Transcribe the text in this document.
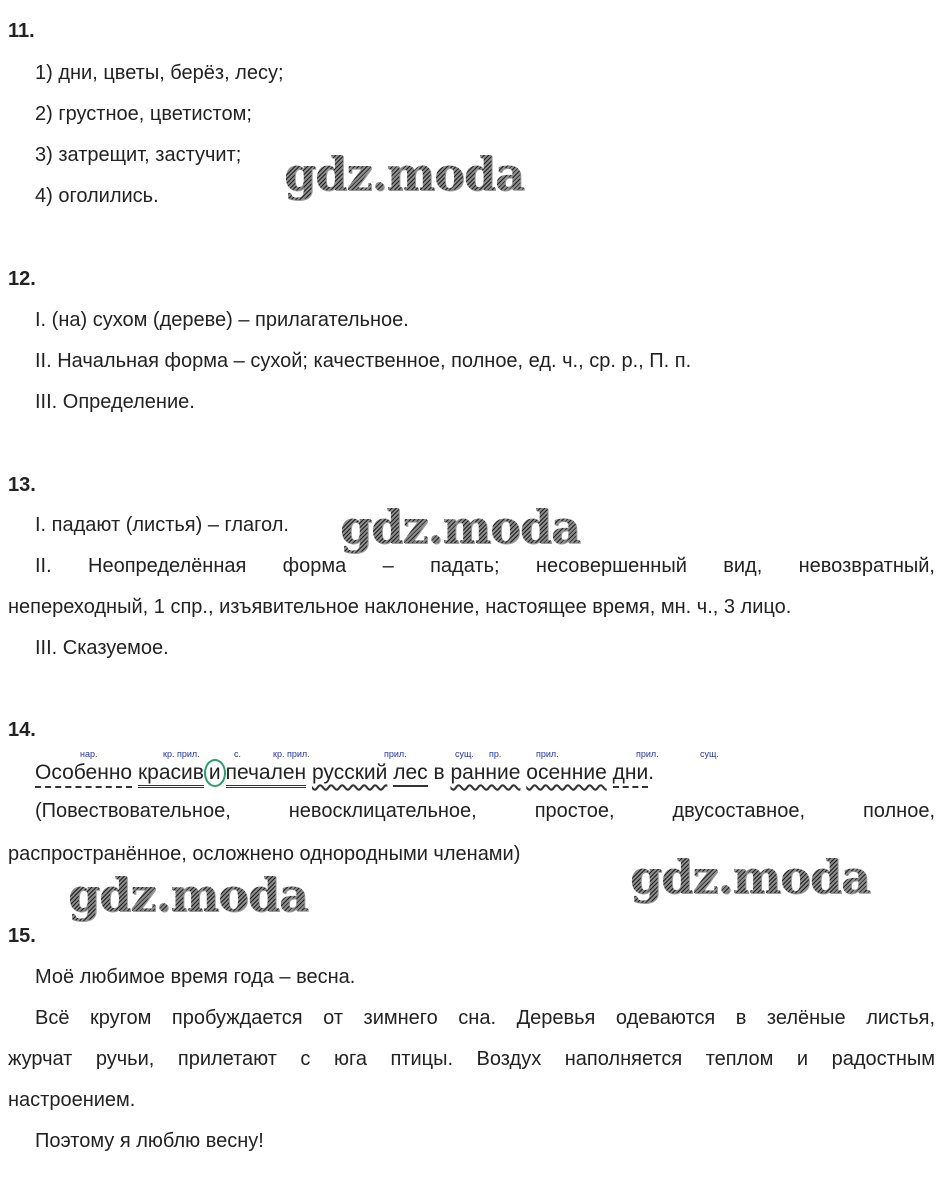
11.
1) дни, цветы, берёз, лесу;
2) грустное, цветистом;
3) затрещит, застучит;
4) оголились.
12.
I. (на) сухом (дереве) – прилагательное.
II. Начальная форма – сухой; качественное, полное, ед. ч., ср. р., П. п.
III. Определение.
13.
I. падают (листья) – глагол.
II. Неопределённая форма – падать; несовершенный вид, невозвратный,
непереходный, 1 спр., изъявительное наклонение, настоящее время, мн. ч., 3 лицо.
III. Сказуемое.
14.
нар.	кр. прил.	с.	кр. прил.	прил.	сущ. пр.	прил.	прил.	сущ.
Особенно красив и печален русский лес в ранние осенние дни.
(Повествовательное, невосклицательное, простое, двусоставное, полное,
распространённое, осложнено однородными членами)
15.
Моё любимое время года – весна.
Всё кругом пробуждается от зимнего сна. Деревья одеваются в зелёные листья,
журчат ручьи, прилетают с юга птицы. Воздух наполняется теплом и радостным
настроением.
Поэтому я люблю весну!
gdz.moda
gdz.moda
gdz.moda	gdz.moda
